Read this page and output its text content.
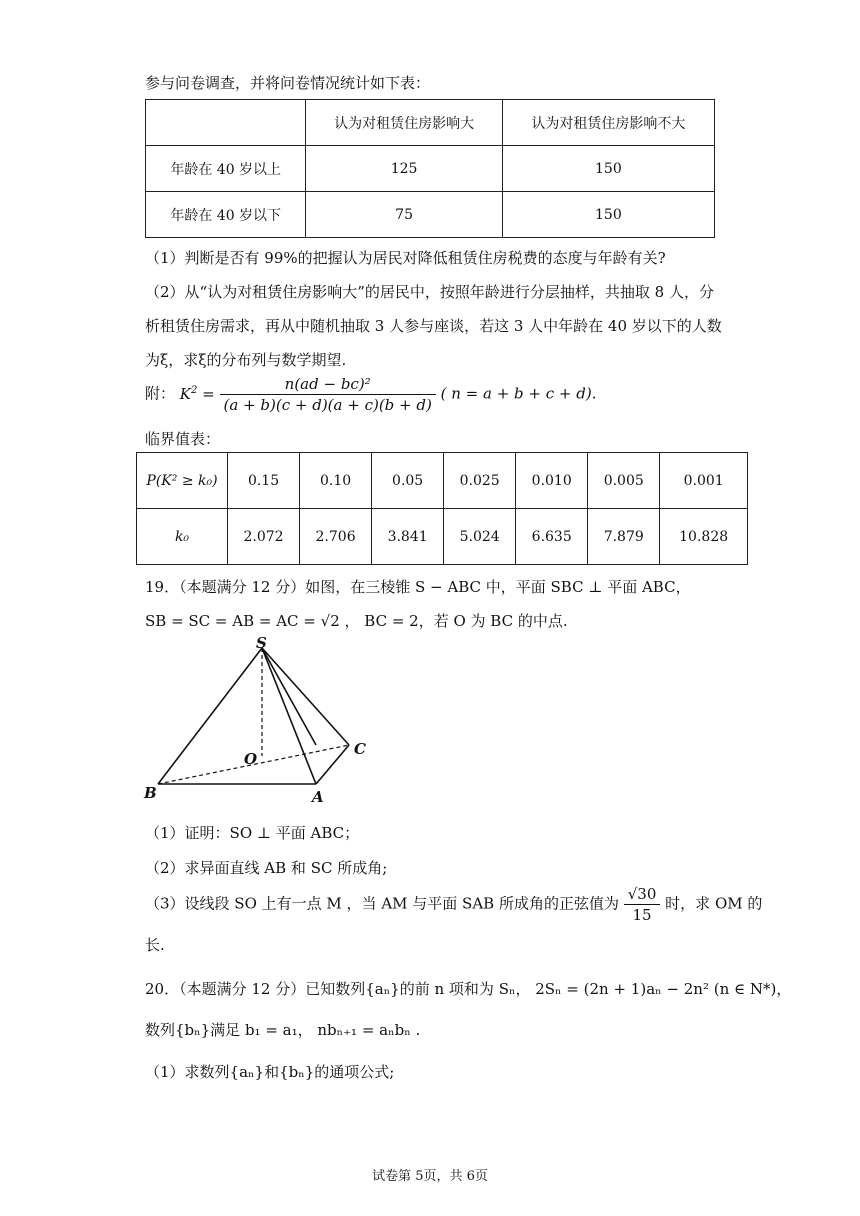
参与问卷调查，并将问卷情况统计如下表：
	认为对租赁住房影响大	认为对租赁住房影响不大
年龄在 40 岁以上	125	150
年龄在 40 岁以下	75	150
（1）判断是否有 99%的把握认为居民对降低租赁住房税费的态度与年龄有关?
（2）从“认为对租赁住房影响大”的居民中，按照年龄进行分层抽样，共抽取 8 人，分
析租赁住房需求，再从中随机抽取 3 人参与座谈，若这 3 人中年龄在 40 岁以下的人数
为ξ，求ξ的分布列与数学期望.
附： $K^2 = \frac{\text{n(ad − bc)²}}{(a + b)(c + d)(a + c)(b + d)}$ ( n = a + b + c + d).
临界值表：
P(K² ≥ k₀)	0.15	0.10	0.05	0.025	0.010	0.005	0.001
k₀	2.072	2.706	3.841	5.024	6.635	7.879	10.828
19．（本题满分 12 分）如图，在三棱锥 S − ABC 中，平面 SBC ⊥ 平面 ABC，
SB = SC = AB = AC = √2 ， BC = 2，若 O 为 BC 的中点.
S
O
C
B	A
（1）证明：SO ⊥ 平面 ABC；
（2）求异面直线 AB 和 SC 所成角;
（3）设线段 SO 上有一点 M ，当 AM 与平面 SAB 所成角的正弦值为 $\frac{√30}{15}$ 时，求 OM 的
长.
20．（本题满分 12 分）已知数列{aₙ}的前 n 项和为 Sₙ， 2Sₙ = (2n + 1)aₙ − 2n² (n ∈ N*)，
数列{bₙ}满足 b₁ = a₁， nbₙ₊₁ = aₙbₙ .
（1）求数列{aₙ}和{bₙ}的通项公式;
试卷第 5页，共 6页
